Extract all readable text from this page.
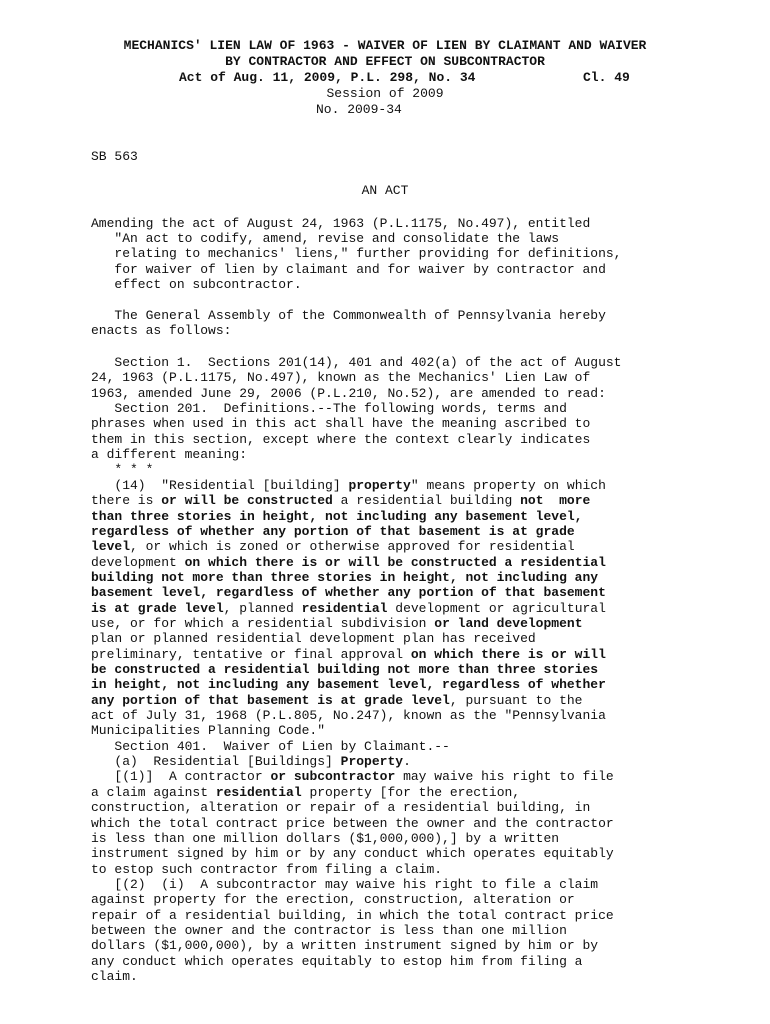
MECHANICS' LIEN LAW OF 1963 - WAIVER OF LIEN BY CLAIMANT AND WAIVER
BY CONTRACTOR AND EFFECT ON SUBCONTRACTOR
Act of Aug. 11, 2009, P.L. 298, No. 34	Cl. 49
Session of 2009
No. 2009-34
SB 563
AN ACT
Amending the act of August 24, 1963 (P.L.1175, No.497), entitled
"An act to codify, amend, revise and consolidate the laws
relating to mechanics' liens," further providing for definitions,
for waiver of lien by claimant and for waiver by contractor and
effect on subcontractor.
The General Assembly of the Commonwealth of Pennsylvania hereby
enacts as follows:
Section 1.  Sections 201(14), 401 and 402(a) of the act of August
24, 1963 (P.L.1175, No.497), known as the Mechanics' Lien Law of
1963, amended June 29, 2006 (P.L.210, No.52), are amended to read:
Section 201.  Definitions.--The following words, terms and
phrases when used in this act shall have the meaning ascribed to
them in this section, except where the context clearly indicates
a different meaning:
* * *
(14)  "Residential [building] property" means property on which
there is or will be constructed a residential building not  more
than three stories in height, not including any basement level,
regardless of whether any portion of that basement is at grade
level, or which is zoned or otherwise approved for residential
development on which there is or will be constructed a residential
building not more than three stories in height, not including any
basement level, regardless of whether any portion of that basement
is at grade level, planned residential development or agricultural
use, or for which a residential subdivision or land development
plan or planned residential development plan has received
preliminary, tentative or final approval on which there is or will
be constructed a residential building not more than three stories
in height, not including any basement level, regardless of whether
any portion of that basement is at grade level, pursuant to the
act of July 31, 1968 (P.L.805, No.247), known as the "Pennsylvania
Municipalities Planning Code."
Section 401.  Waiver of Lien by Claimant.--
(a)  Residential [Buildings] Property.
[(1)]  A contractor or subcontractor may waive his right to file
a claim against residential property [for the erection,
construction, alteration or repair of a residential building, in
which the total contract price between the owner and the contractor
is less than one million dollars ($1,000,000),] by a written
instrument signed by him or by any conduct which operates equitably
to estop such contractor from filing a claim.
[(2)  (i)  A subcontractor may waive his right to file a claim
against property for the erection, construction, alteration or
repair of a residential building, in which the total contract price
between the owner and the contractor is less than one million
dollars ($1,000,000), by a written instrument signed by him or by
any conduct which operates equitably to estop him from filing a
claim.
